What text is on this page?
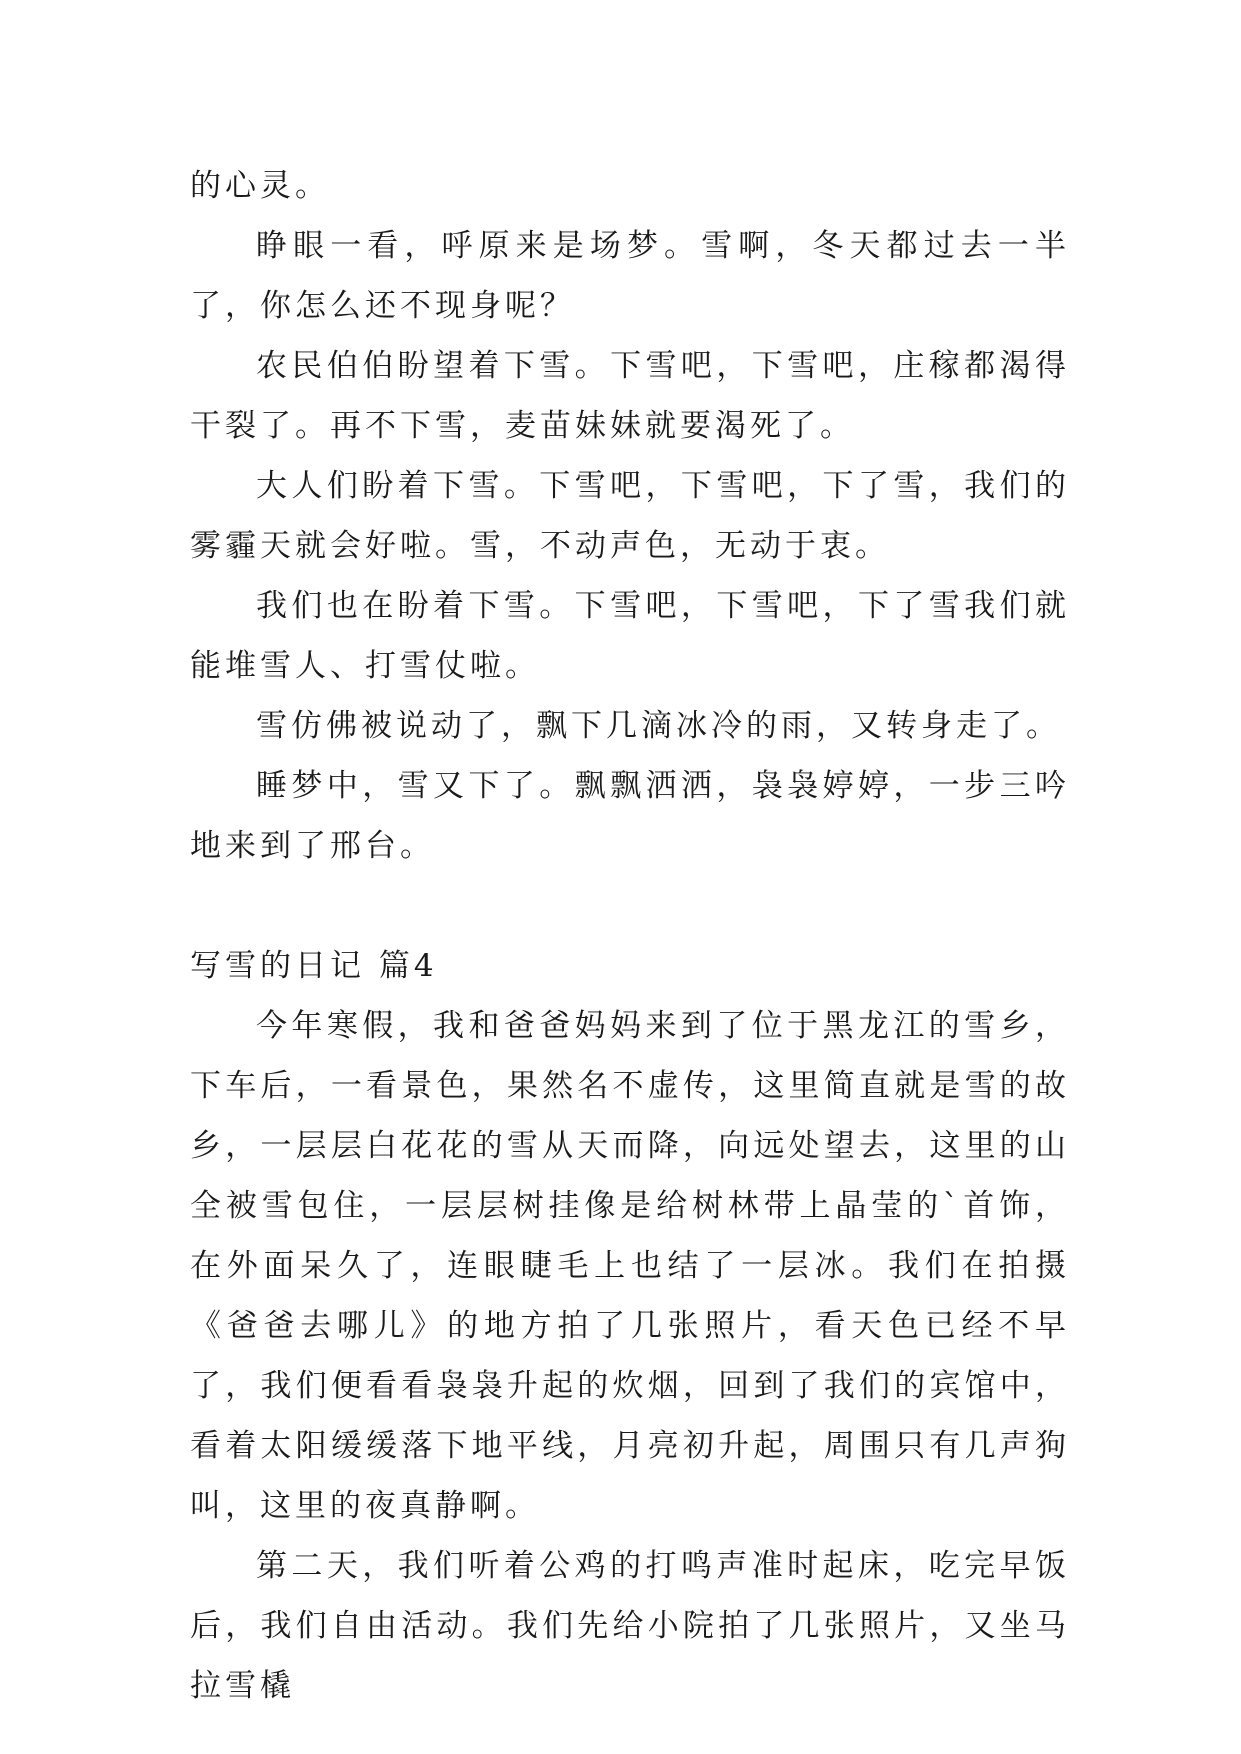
的心灵。

睁眼一看，呼原来是场梦。雪啊，冬天都过去一半了，你怎么还不现身呢？

农民伯伯盼望着下雪。下雪吧，下雪吧，庄稼都渴得干裂了。再不下雪，麦苗妹妹就要渴死了。

大人们盼着下雪。下雪吧，下雪吧，下了雪，我们的雾霾天就会好啦。雪，不动声色，无动于衷。

我们也在盼着下雪。下雪吧，下雪吧，下了雪我们就能堆雪人、打雪仗啦。

雪仿佛被说动了，飘下几滴冰冷的雨，又转身走了。

睡梦中，雪又下了。飘飘洒洒，袅袅婷婷，一步三吟地来到了邢台。

写雪的日记 篇4

今年寒假，我和爸爸妈妈来到了位于黑龙江的雪乡，下车后，一看景色，果然名不虚传，这里简直就是雪的故乡，一层层白花花的雪从天而降，向远处望去，这里的山全被雪包住，一层层树挂像是给树林带上晶莹的`首饰，在外面呆久了，连眼睫毛上也结了一层冰。我们在拍摄《爸爸去哪儿》的地方拍了几张照片，看天色已经不早了，我们便看看袅袅升起的炊烟，回到了我们的宾馆中，看着太阳缓缓落下地平线，月亮初升起，周围只有几声狗叫，这里的夜真静啊。

第二天，我们听着公鸡的打鸣声准时起床，吃完早饭后，我们自由活动。我们先给小院拍了几张照片，又坐马拉雪橇
